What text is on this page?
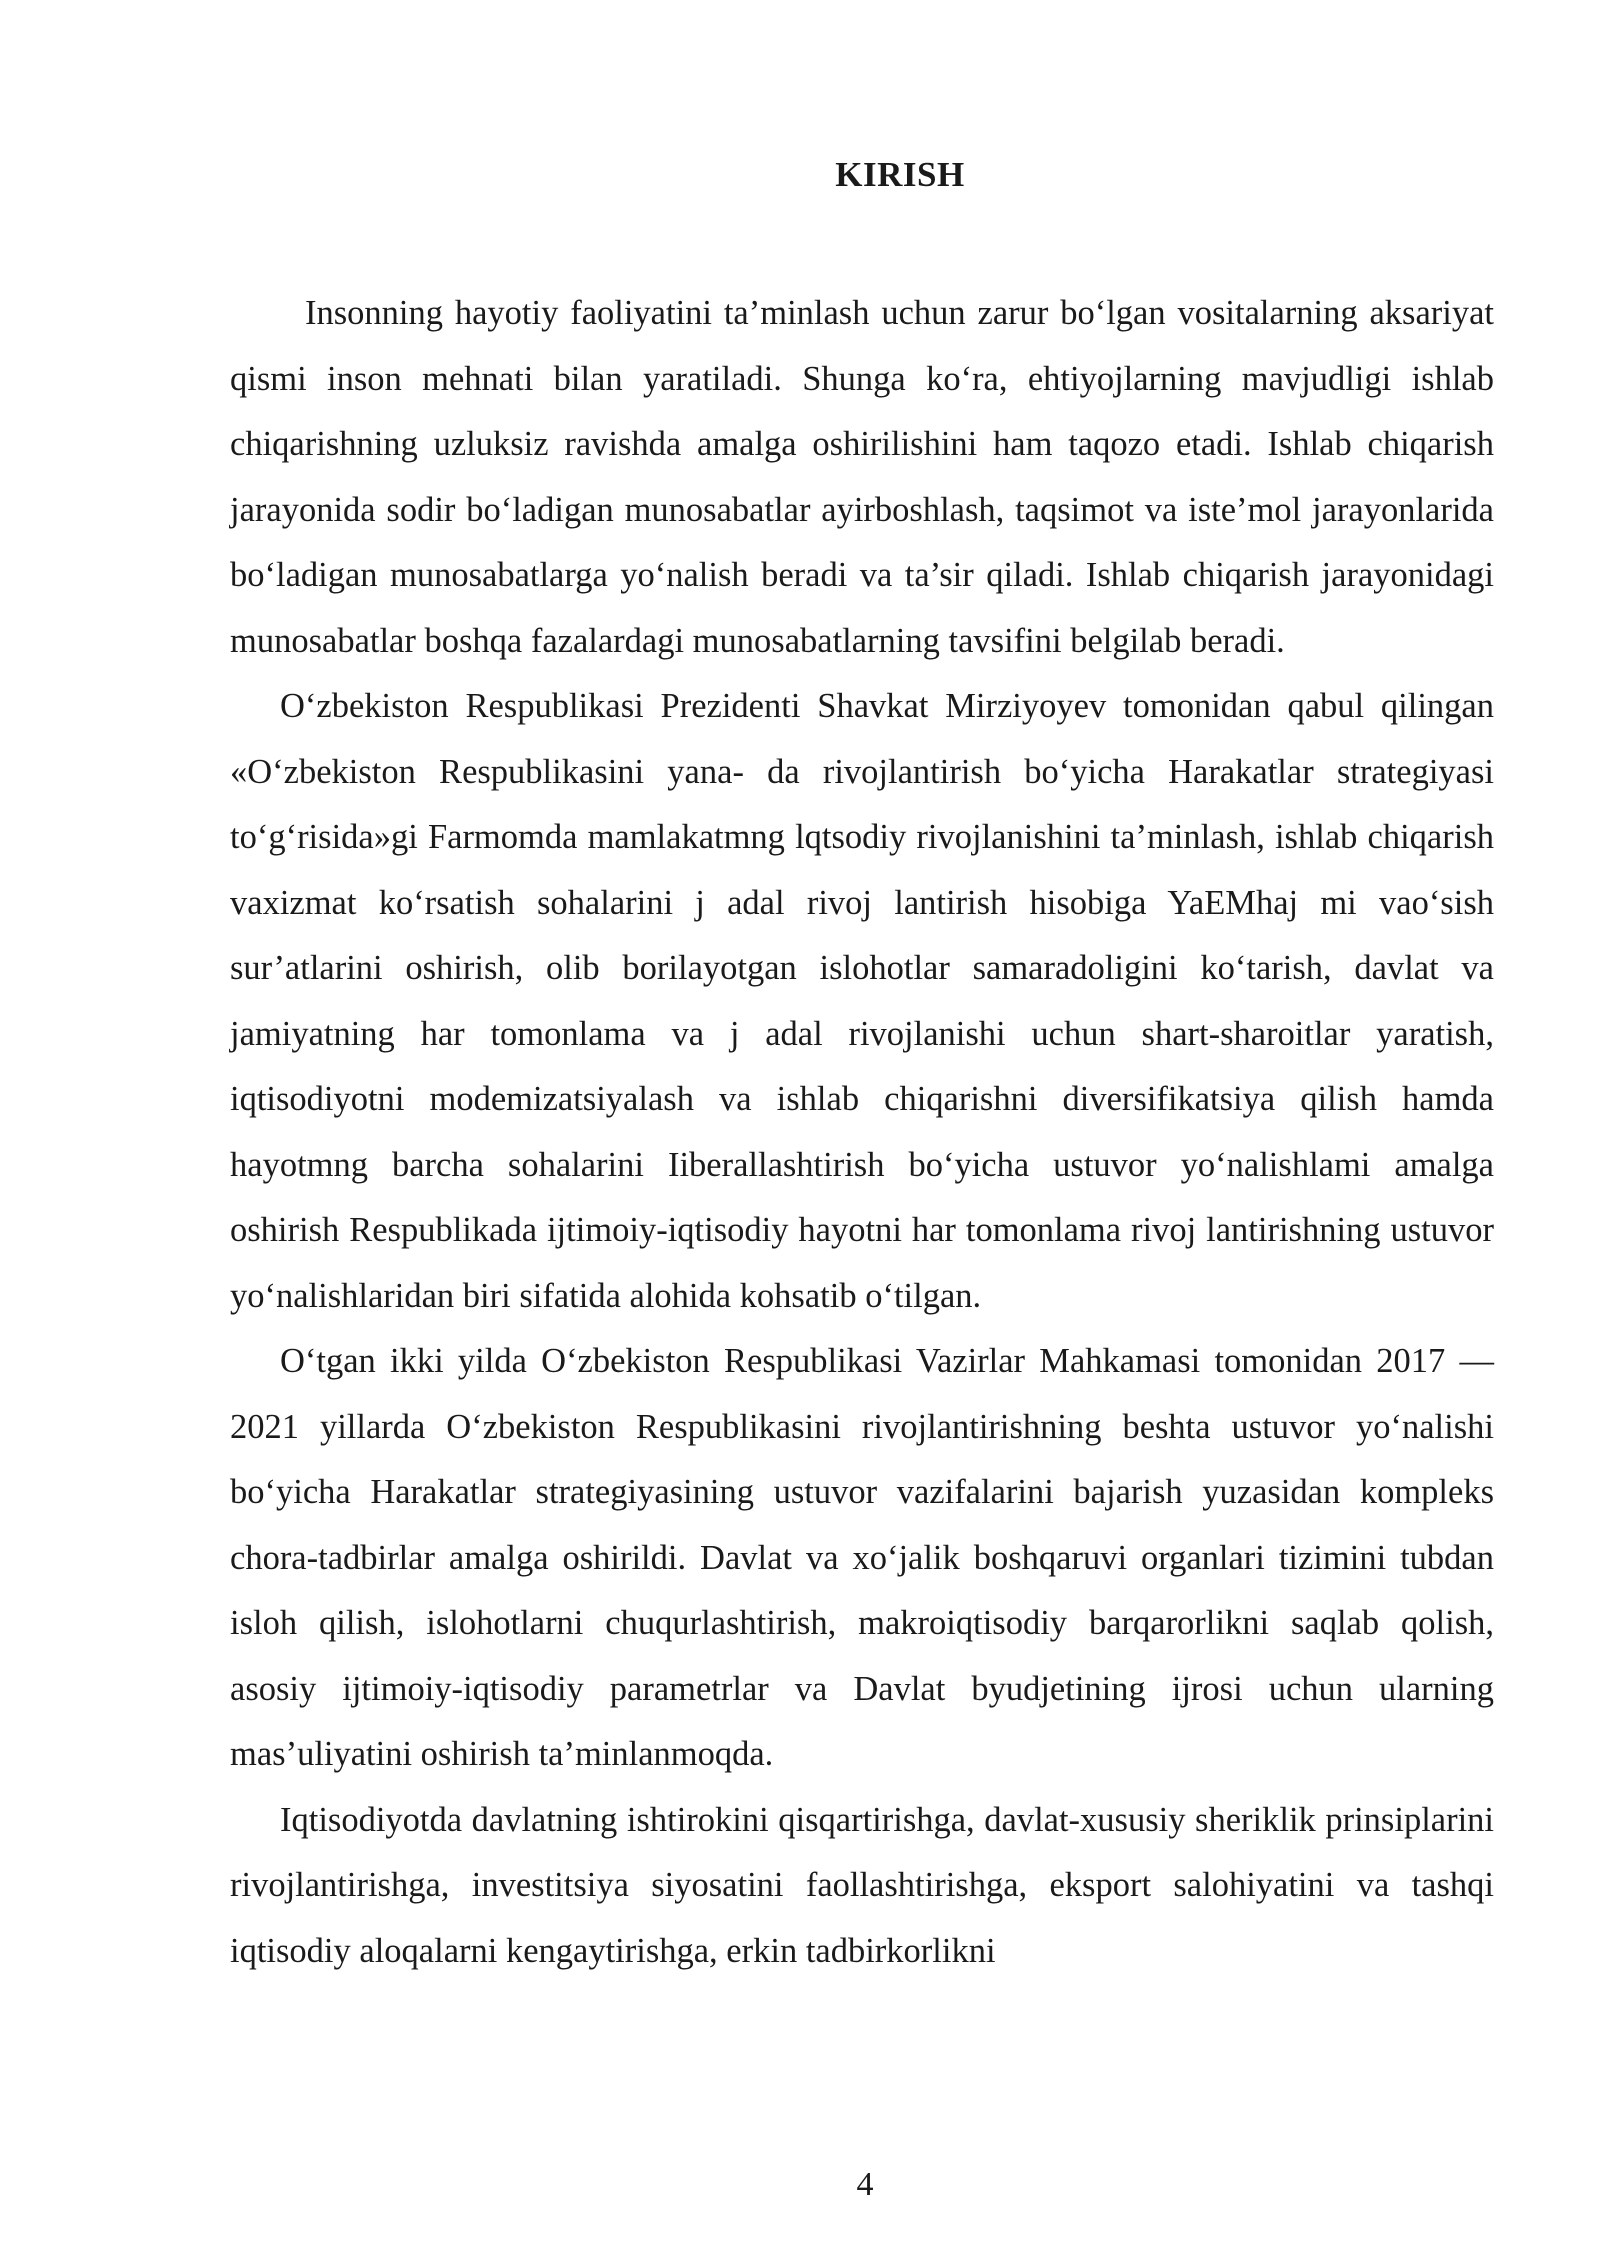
KIRISH

Insonning hayotiy faoliyatini ta’minlash uchun zarur bo‘lgan vositalarning aksariyat qismi inson mehnati bilan yaratiladi. Shunga ko‘ra, ehtiyojlarning mavjudligi ishlab chiqarishning uzluksiz ravishda amalga oshirilishini ham taqozo etadi. Ishlab chiqarish jarayonida sodir bo‘ladigan munosabatlar ayirboshlash, taqsimot va iste’mol jarayonlarida bo‘ladigan munosabatlarga yo‘nalish beradi va ta’sir qiladi. Ishlab chiqarish jarayonidagi munosabatlar boshqa fazalardagi munosabatlarning tavsifini belgilab beradi.

O‘zbekiston Respublikasi Prezidenti Shavkat Mirziyoyev tomonidan qabul qilingan «O‘zbekiston Respublikasini yana- da rivojlantirish bo‘yicha Harakatlar strategiyasi to‘g‘risida»gi Farmomda mamlakatmng lqtsodiy rivojlanishini ta’minlash, ishlab chiqarish vaxizmat ko‘rsatish sohalarini j adal rivoj lantirish hisobiga YaEMhaj mi vao‘sish sur’atlarini oshirish, olib borilayotgan islohotlar samaradoligini ko‘tarish, davlat va jamiyatning har tomonlama va j adal rivojlanishi uchun shart-sharoitlar yaratish, iqtisodiyotni modemizatsiyalash va ishlab chiqarishni diversifikatsiya qilish hamda hayotmng barcha sohalarini Iiberallashtirish bo‘yicha ustuvor yo‘nalishlami amalga oshirish Respublikada ijtimoiy-iqtisodiy hayotni har tomonlama rivoj lantirishning ustuvor yo‘nalishlaridan biri sifatida alohida kohsatib o‘tilgan.

O‘tgan ikki yilda O‘zbekiston Respublikasi Vazirlar Mahkamasi tomonidan 2017 — 2021 yillarda O‘zbekiston Respublikasini rivojlantirishning beshta ustuvor yo‘nalishi bo‘yicha Harakatlar strategiyasining ustuvor vazifalarini bajarish yuzasidan kompleks chora-tadbirlar amalga oshirildi. Davlat va xo‘jalik boshqaruvi organlari tizimini tubdan isloh qilish, islohotlarni chuqurlashtirish, makroiqtisodiy barqarorlikni saqlab qolish, asosiy ijtimoiy-iqtisodiy parametrlar va Davlat byudjetining ijrosi uchun ularning mas’uliyatini oshirish ta’minlanmoqda.

Iqtisodiyotda davlatning ishtirokini qisqartirishga, davlat-xususiy sheriklik prinsiplarini rivojlantirishga, investitsiya siyosatini faollashtirishga, eksport salohiyatini va tashqi iqtisodiy aloqalarni kengaytirishga, erkin tadbirkorlikni

4
